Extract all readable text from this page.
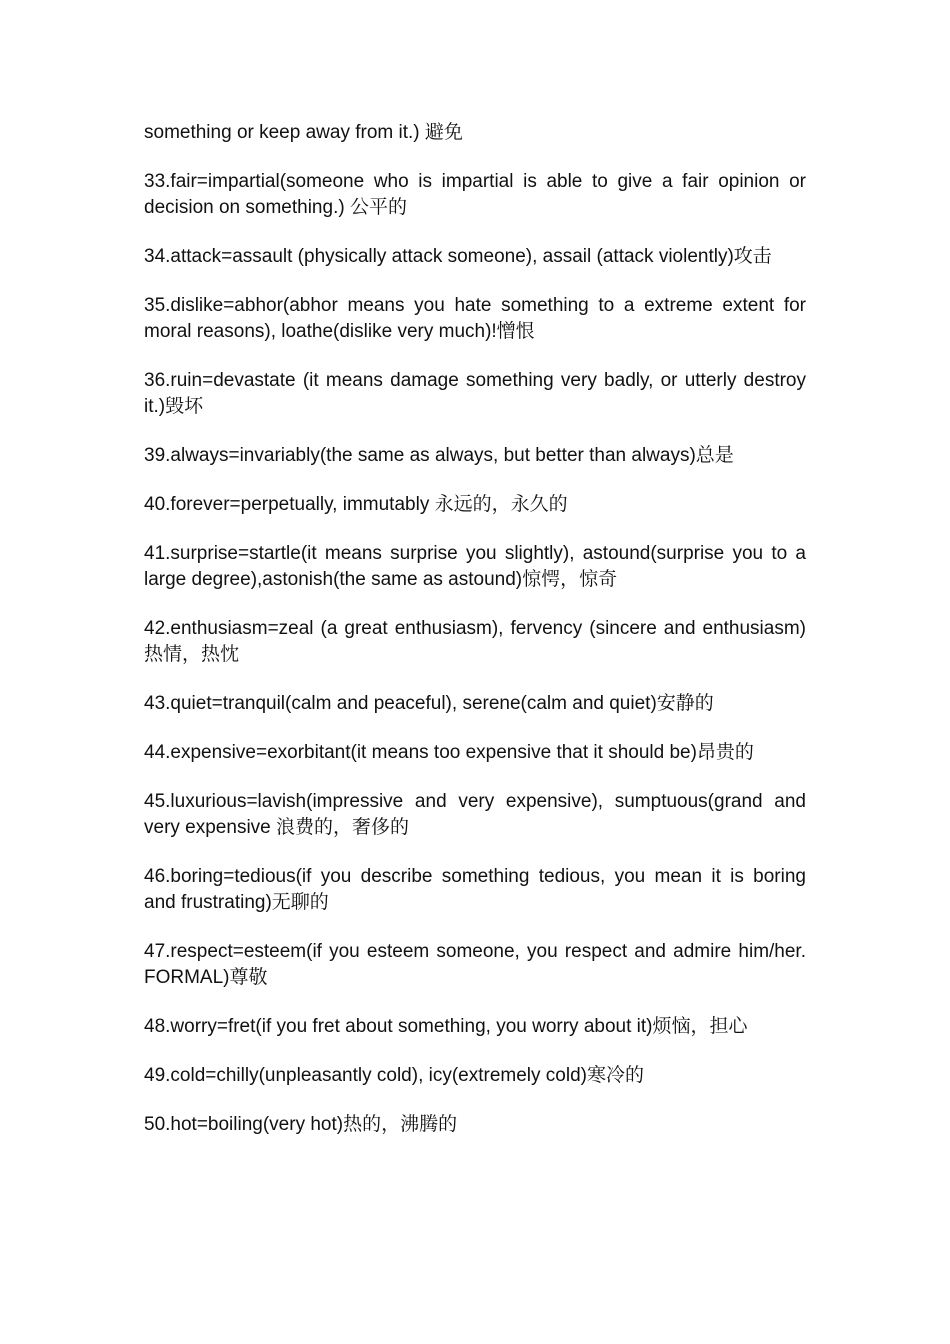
something or keep away from it.) 避免

33.fair=impartial(someone who is impartial is able to give a fair opinion or decision on something.) 公平的

34.attack=assault (physically attack someone), assail (attack violently)攻击

35.dislike=abhor(abhor means you hate something to a extreme extent for moral reasons), loathe(dislike very much)!憎恨

36.ruin=devastate (it means damage something very badly, or utterly destroy it.)毁坏

39.always=invariably(the same as always, but better than always)总是

40.forever=perpetually, immutably 永远的，永久的

41.surprise=startle(it means surprise you slightly), astound(surprise you to a large degree),astonish(the same as astound)惊愕，惊奇

42.enthusiasm=zeal (a great enthusiasm), fervency (sincere and enthusiasm)热情，热忱

43.quiet=tranquil(calm and peaceful), serene(calm and quiet)安静的

44.expensive=exorbitant(it means too expensive that it should be)昂贵的

45.luxurious=lavish(impressive and very expensive), sumptuous(grand and very expensive 浪费的，奢侈的

46.boring=tedious(if you describe something tedious, you mean it is boring and frustrating)无聊的

47.respect=esteem(if you esteem someone, you respect and admire him/her. FORMAL)尊敬

48.worry=fret(if you fret about something, you worry about it)烦恼，担心

49.cold=chilly(unpleasantly cold), icy(extremely cold)寒冷的

50.hot=boiling(very hot)热的，沸腾的
